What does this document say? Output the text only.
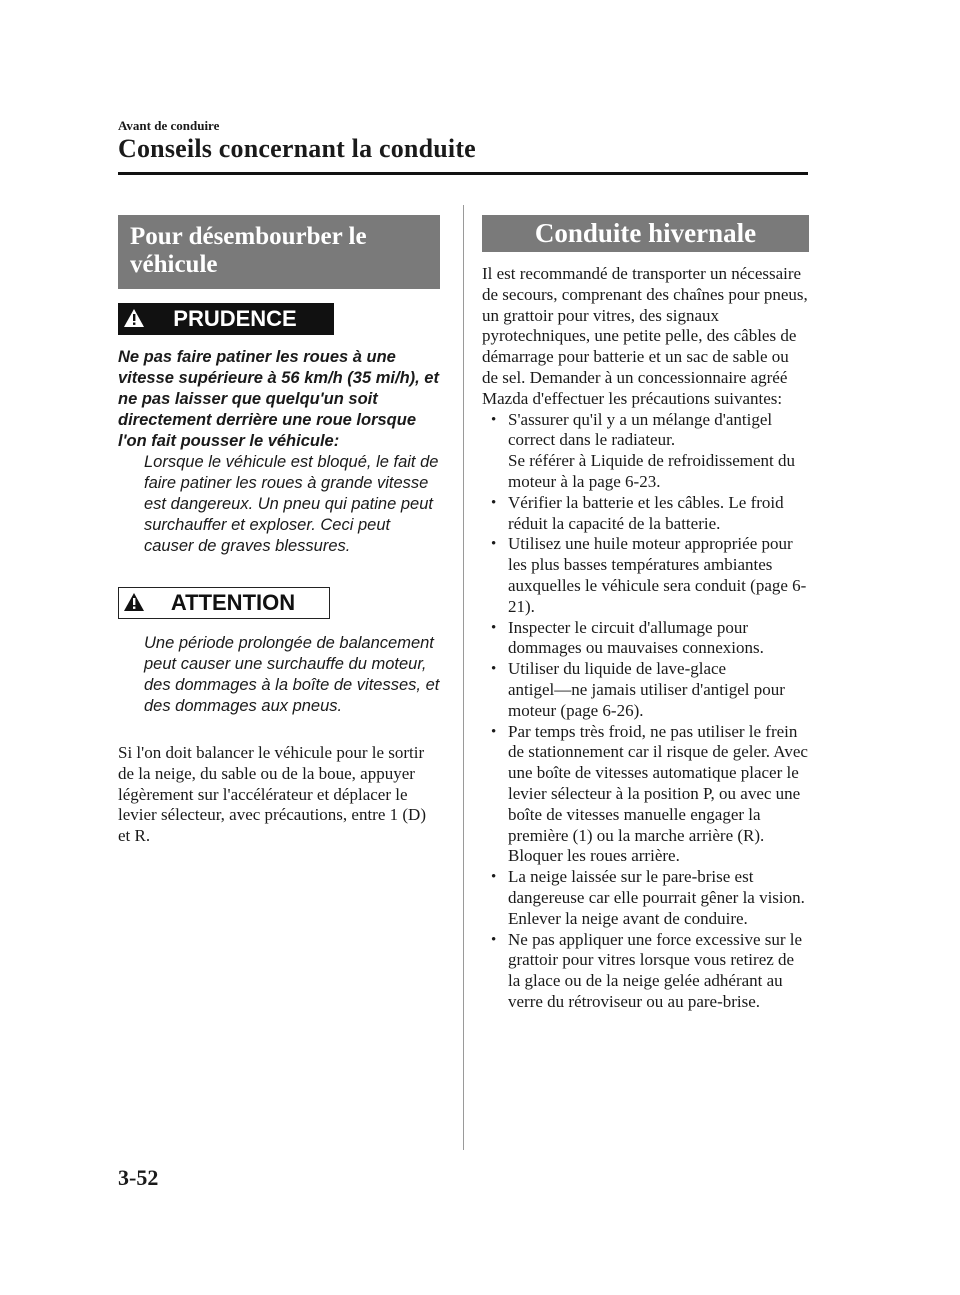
Avant de conduire
Conseils concernant la conduite
Pour désembourber le véhicule
PRUDENCE
Ne pas faire patiner les roues à une vitesse supérieure à 56 km/h (35 mi/h), et ne pas laisser que quelqu'un soit directement derrière une roue lorsque l'on fait pousser le véhicule:
Lorsque le véhicule est bloqué, le fait de faire patiner les roues à grande vitesse est dangereux. Un pneu qui patine peut surchauffer et exploser. Ceci peut causer de graves blessures.
ATTENTION
Une période prolongée de balancement peut causer une surchauffe du moteur, des dommages à la boîte de vitesses, et des dommages aux pneus.
Si l'on doit balancer le véhicule pour le sortir de la neige, du sable ou de la boue, appuyer légèrement sur l'accélérateur et déplacer le levier sélecteur, avec précautions, entre 1 (D) et R.
Conduite hivernale
Il est recommandé de transporter un nécessaire de secours, comprenant des chaînes pour pneus, un grattoir pour vitres, des signaux pyrotechniques, une petite pelle, des câbles de démarrage pour batterie et un sac de sable ou de sel. Demander à un concessionnaire agréé Mazda d'effectuer les précautions suivantes:
• S'assurer qu'il y a un mélange d'antigel correct dans le radiateur.
Se référer à Liquide de refroidissement du moteur à la page 6-23.
• Vérifier la batterie et les câbles. Le froid réduit la capacité de la batterie.
• Utilisez une huile moteur appropriée pour les plus basses températures ambiantes auxquelles le véhicule sera conduit (page 6-21).
• Inspecter le circuit d'allumage pour dommages ou mauvaises connexions.
• Utiliser du liquide de lave-glace antigel―ne jamais utiliser d'antigel pour moteur (page 6-26).
• Par temps très froid, ne pas utiliser le frein de stationnement car il risque de geler. Avec une boîte de vitesses automatique placer le levier sélecteur à la position P, ou avec une boîte de vitesses manuelle engager la première (1) ou la marche arrière (R). Bloquer les roues arrière.
• La neige laissée sur le pare-brise est dangereuse car elle pourrait gêner la vision. Enlever la neige avant de conduire.
• Ne pas appliquer une force excessive sur le grattoir pour vitres lorsque vous retirez de la glace ou de la neige gelée adhérant au verre du rétroviseur ou au pare-brise.
3-52
